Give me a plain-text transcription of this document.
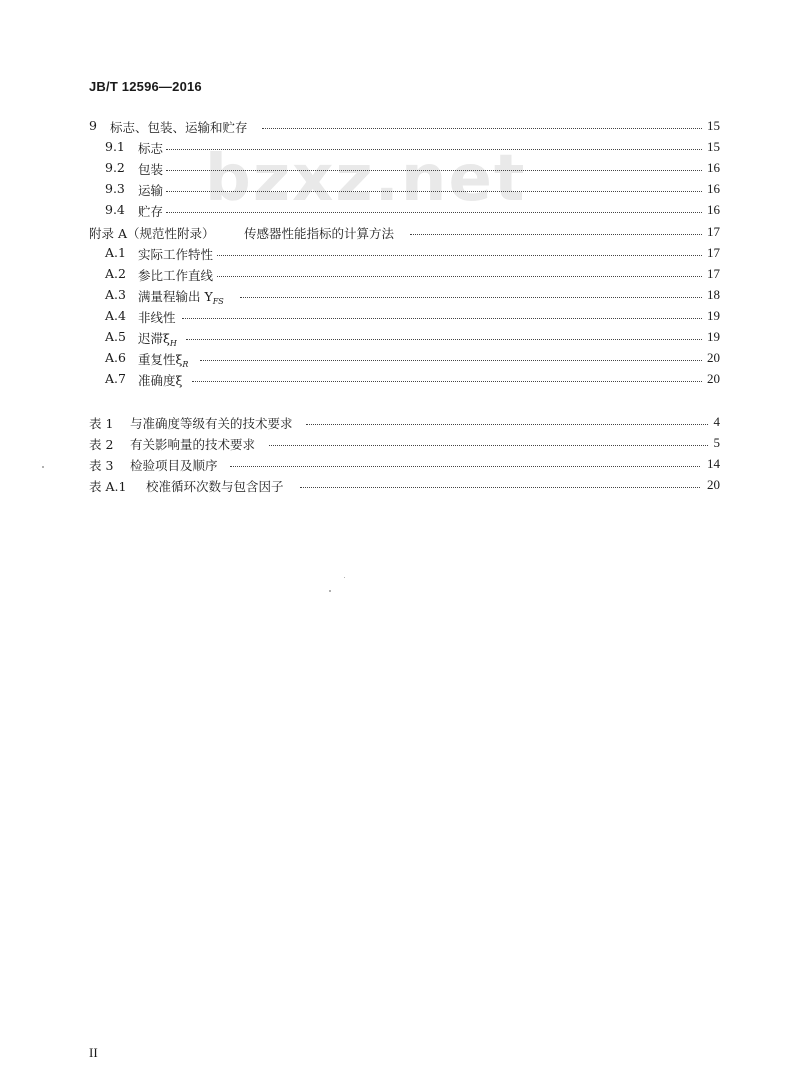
JB/T 12596—2016
bzxz.net
9 标志、包装、运输和贮存	15
9.1 标志	15
9.2 包装	16
9.3 运输	16
9.4 贮存	16
附录 A（规范性附录） 传感器性能指标的计算方法	17
A.1 实际工作特性	17
A.2 参比工作直线	17
A.3 满量程输出 $Y_{FS}$	18
A.4 非线性	19
A.5 迟滞$\xi_H$	19
A.6 重复性$\xi_R$	20
A.7 准确度ξ	20
表 1 与准确度等级有关的技术要求	4
表 2 有关影响量的技术要求	5
表 3 检验项目及顺序	14
表 A.1 校准循环次数与包含因子	20
II
